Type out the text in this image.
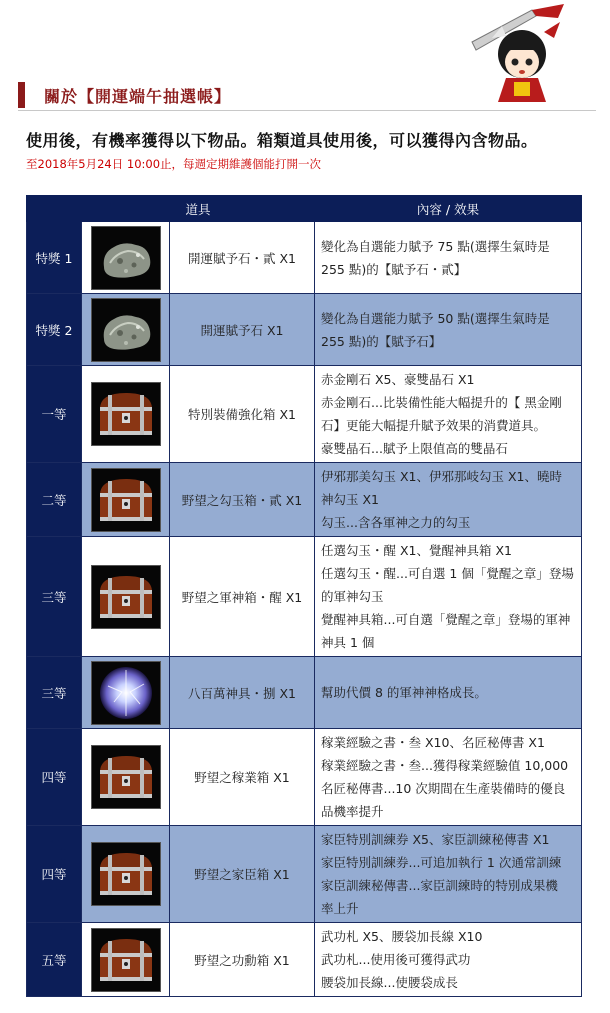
關於【開運端午抽選帳】
使用後，有機率獲得以下物品。箱類道具使用後，可以獲得內含物品。
至2018年5月24日 10:00止，每週定期維護個能打開一次
	道具		內容 / 效果
特獎 1		開運賦予石・貳 X1	變化為自選能力賦予 75 點(選擇生氣時是
255 點)的【賦予石・貳】

特獎 2		開運賦予石 X1	變化為自選能力賦予 50 點(選擇生氣時是
255 點)的【賦予石】

一等		特別裝備強化箱 X1	赤金剛石 X5、豪雙晶石 X1
赤金剛石...比裝備性能大幅提升的【 黑金剛
石】更能大幅提升賦予效果的消費道具。
豪雙晶石...賦予上限值高的雙晶石

二等		野望之勾玉箱・貳 X1	伊邪那美勾玉 X1、伊邪那岐勾玉 X1、曉時
神勾玉 X1
勾玉...含各軍神之力的勾玉

三等		野望之軍神箱・醒 X1	任選勾玉・醒 X1、覺醒神具箱 X1
任選勾玉・醒...可自選 1 個「覺醒之章」登場
的軍神勾玉
覺醒神具箱...可自選「覺醒之章」登場的軍神
神具 1 個

三等		八百萬神具・捌 X1	幫助代價 8 的軍神神格成長。

四等		野望之稼業箱 X1	稼業經驗之書・叁 X10、名匠秘傳書 X1
稼業經驗之書・叁...獲得稼業經驗值 10,000
名匠秘傳書...10 次期間在生產裝備時的優良
品機率提升

四等		野望之家臣箱 X1	家臣特別訓練券 X5、家臣訓練秘傳書 X1
家臣特別訓練券...可追加執行 1 次通常訓練
家臣訓練秘傳書...家臣訓練時的特別成果機
率上升

五等		野望之功勳箱 X1	武功札 X5、腰袋加長線 X10
武功札...使用後可獲得武功
腰袋加長線...使腰袋成長
